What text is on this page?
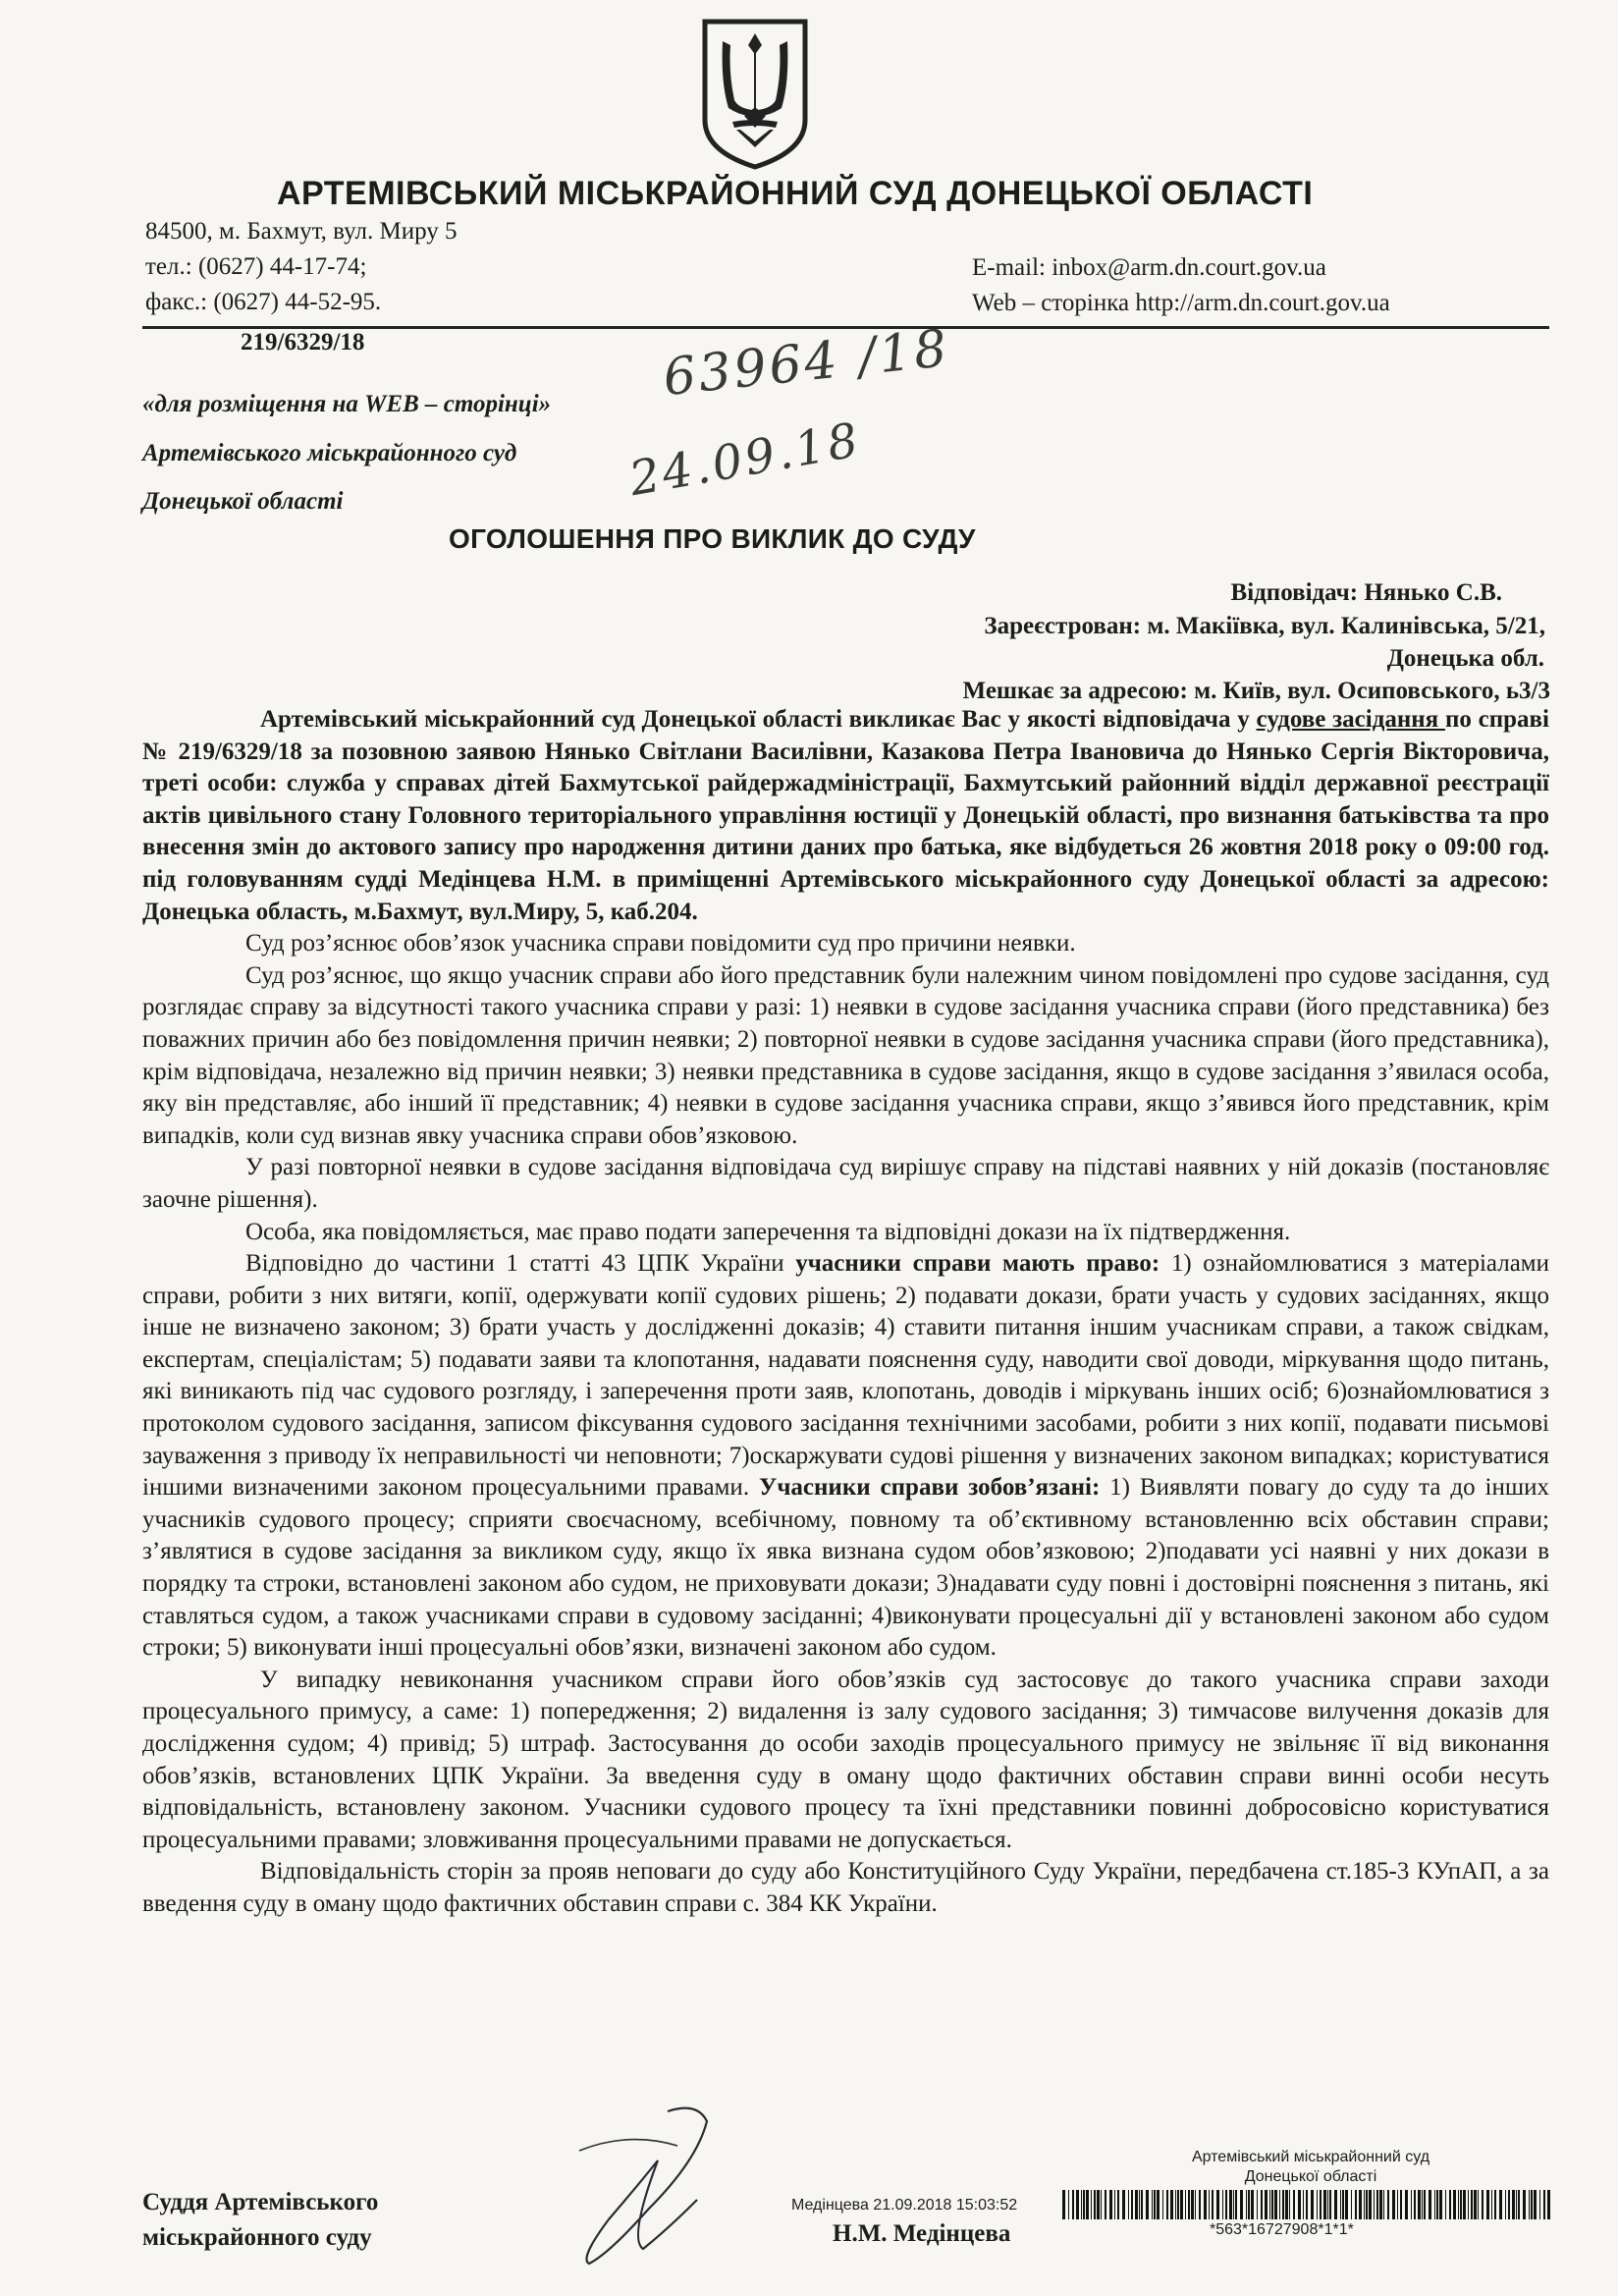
АРТЕМІВСЬКИЙ МІСЬКРАЙОННИЙ СУД ДОНЕЦЬКОЇ ОБЛАСТІ
84500, м. Бахмут, вул. Миру 5
тел.: (0627) 44-17-74;
факс.: (0627) 44-52-95.
E-mail: inbox@arm.dn.court.gov.ua
Web – сторінка http://arm.dn.court.gov.ua
219/6329/18	63964 /18
24.09.18
«для розміщення на WEB – сторінці»
Артемівського міськрайонного суд
Донецької області
ОГОЛОШЕННЯ ПРО ВИКЛИК ДО СУДУ
Відповідач: Нянько С.В.
Зареєстрован: м. Макіївка, вул. Калинівська, 5/21,
Донецька обл.
Мешкає за адресою: м. Київ, вул. Осиповського, ь3/3

Артемівський міськрайонний суд Донецької області викликає Вас у якості відповідача у судове засідання по справі № 219/6329/18 за позовною заявою Нянько Світлани Василівни, Казакова Петра Івановича до Нянько Сергія Вікторовича, треті особи: служба у справах дітей Бахмутської райдержадміністрації, Бахмутський районний відділ державної реєстрації актів цивільного стану Головного територіального управління юстиції у Донецькій області, про визнання батьківства та про внесення змін до актового запису про народження дитини даних про батька, яке відбудеться 26 жовтня 2018 року о 09:00 год. під головуванням судді Медінцева Н.М. в приміщенні Артемівського міськрайонного суду Донецької області за адресою: Донецька область, м.Бахмут, вул.Миру, 5, каб.204.

Суд роз’яснює обов’язок учасника справи повідомити суд про причини неявки.

Суд роз’яснює, що якщо учасник справи або його представник були належним чином повідомлені про судове засідання, суд розглядає справу за відсутності такого учасника справи у разі: 1) неявки в судове засідання учасника справи (його представника) без поважних причин або без повідомлення причин неявки; 2) повторної неявки в судове засідання учасника справи (його представника), крім відповідача, незалежно від причин неявки; 3) неявки представника в судове засідання, якщо в судове засідання з’явилася особа, яку він представляє, або інший її представник; 4) неявки в судове засідання учасника справи, якщо з’явився його представник, крім випадків, коли суд визнав явку учасника справи обов’язковою.

У разі повторної неявки в судове засідання відповідача суд вирішує справу на підставі наявних у ній доказів (постановляє заочне рішення).

Особа, яка повідомляється, має право подати заперечення та відповідні докази на їх підтвердження.

Відповідно до частини 1 статті 43 ЦПК України учасники справи мають право: 1) ознайомлюватися з матеріалами справи, робити з них витяги, копії, одержувати копії судових рішень; 2) подавати докази, брати участь у судових засіданнях, якщо інше не визначено законом; 3) брати участь у дослідженні доказів; 4) ставити питання іншим учасникам справи, а також свідкам, експертам, спеціалістам; 5) подавати заяви та клопотання, надавати пояснення суду, наводити свої доводи, міркування щодо питань, які виникають під час судового розгляду, і заперечення проти заяв, клопотань, доводів і міркувань інших осіб; 6)ознайомлюватися з протоколом судового засідання, записом фіксування судового засідання технічними засобами, робити з них копії, подавати письмові зауваження з приводу їх неправильності чи неповноти; 7)оскаржувати судові рішення у визначених законом випадках; користуватися іншими визначеними законом процесуальними правами. Учасники справи зобов’язані: 1) Виявляти повагу до суду та до інших учасників судового процесу; сприяти своєчасному, всебічному, повному та об’єктивному встановленню всіх обставин справи; з’являтися в судове засідання за викликом суду, якщо їх явка визнана судом обов’язковою; 2)подавати усі наявні у них докази в порядку та строки, встановлені законом або судом, не приховувати докази; 3)надавати суду повні і достовірні пояснення з питань, які ставляться судом, а також учасниками справи в судовому засіданні; 4)виконувати процесуальні дії у встановлені законом або судом строки; 5) виконувати інші процесуальні обов’язки, визначені законом або судом.

У випадку невиконання учасником справи його обов’язків суд застосовує до такого учасника справи заходи процесуального примусу, а саме: 1) попередження; 2) видалення із залу судового засідання; 3) тимчасове вилучення доказів для дослідження судом; 4) привід; 5) штраф. Застосування до особи заходів процесуального примусу не звільняє її від виконання обов’язків, встановлених ЦПК України. За введення суду в оману щодо фактичних обставин справи винні особи несуть відповідальність, встановлену законом. Учасники судового процесу та їхні представники повинні добросовісно користуватися процесуальними правами; зловживання процесуальними правами не допускається.

Відповідальність сторін за прояв неповаги до суду або Конституційного Суду України, передбачена ст.185-3 КУпАП, а за введення суду в оману щодо фактичних обставин справи с. 384 КК України.

Суддя Артемівського
міськрайонного суду	Н.М. Медінцева
Артемівський міськрайонний суд
Донецької області
Медінцева 21.09.2018 15:03:52
*563*16727908*1*1*
